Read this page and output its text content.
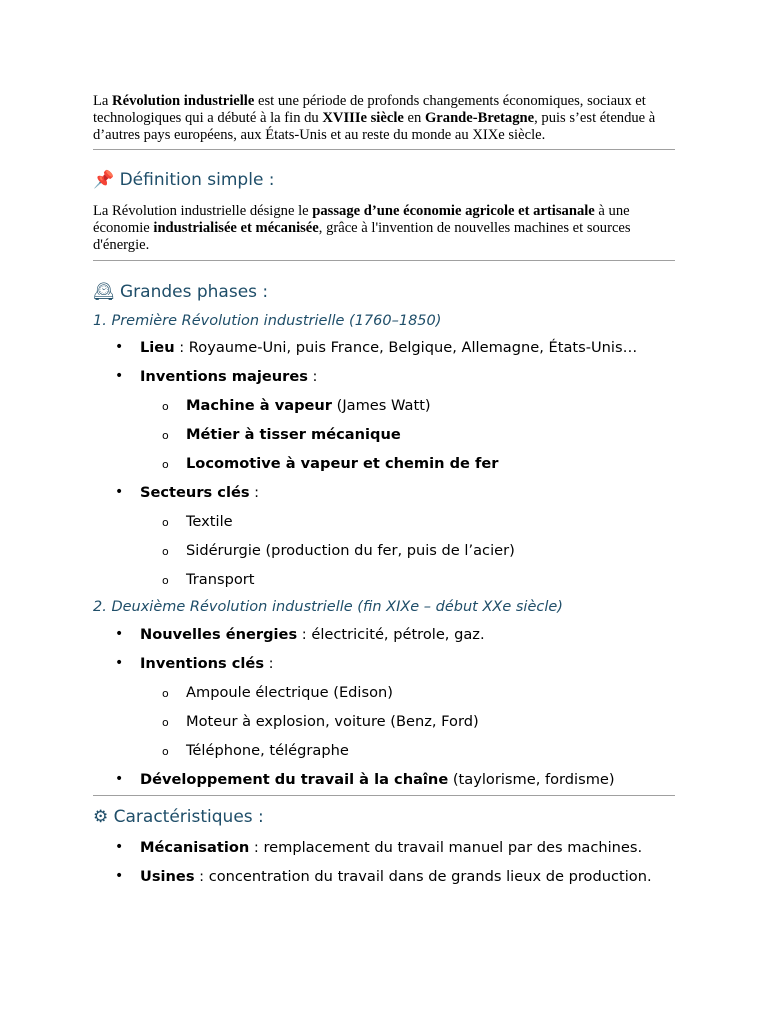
La Révolution industrielle est une période de profonds changements économiques, sociaux et technologiques qui a débuté à la fin du XVIIIe siècle en Grande-Bretagne, puis s’est étendue à d’autres pays européens, aux États-Unis et au reste du monde au XIXe siècle.

📌 Définition simple :

La Révolution industrielle désigne le passage d’une économie agricole et artisanale à une économie industrialisée et mécanisée, grâce à l'invention de nouvelles machines et sources d'énergie.

🕰 Grandes phases :
1. Première Révolution industrielle (1760–1850)
• Lieu : Royaume-Uni, puis France, Belgique, Allemagne, États-Unis…
• Inventions majeures :
o Machine à vapeur (James Watt)
o Métier à tisser mécanique
o Locomotive à vapeur et chemin de fer
• Secteurs clés :
o Textile
o Sidérurgie (production du fer, puis de l’acier)
o Transport
2. Deuxième Révolution industrielle (fin XIXe – début XXe siècle)
• Nouvelles énergies : électricité, pétrole, gaz.
• Inventions clés :
o Ampoule électrique (Edison)
o Moteur à explosion, voiture (Benz, Ford)
o Téléphone, télégraphe
• Développement du travail à la chaîne (taylorisme, fordisme)
⚙ Caractéristiques :
• Mécanisation : remplacement du travail manuel par des machines.
• Usines : concentration du travail dans de grands lieux de production.
